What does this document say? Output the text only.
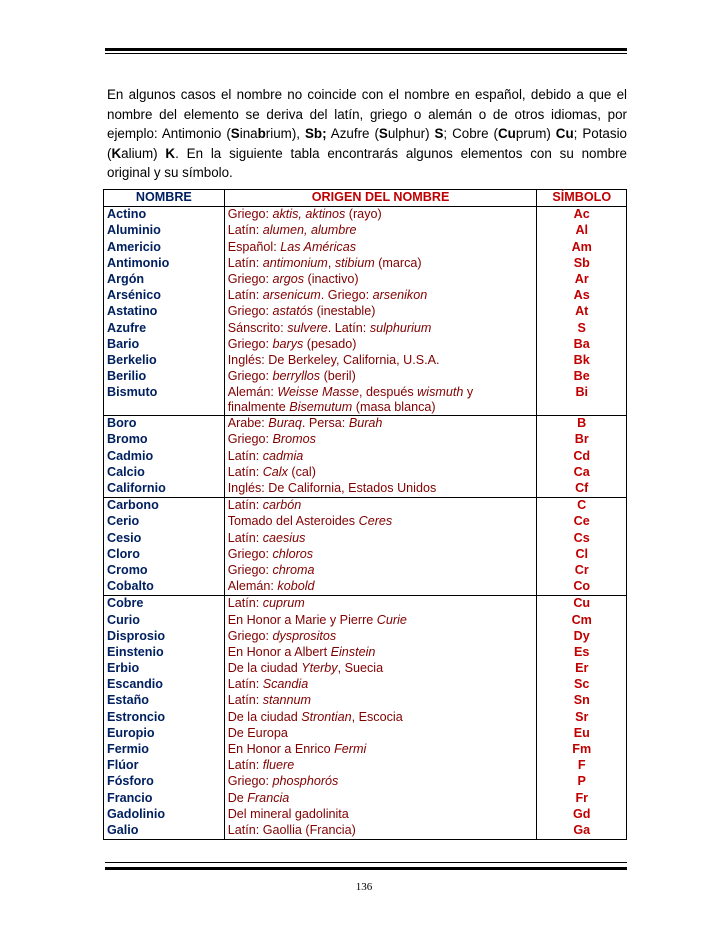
En algunos casos el nombre no coincide con el nombre en español, debido a que el nombre del elemento se deriva del latín, griego o alemán o de otros idiomas, por ejemplo: Antimonio (Sinabrium), Sb; Azufre (Sulphur) S; Cobre (Cuprum) Cu; Potasio (Kalium) K. En la siguiente tabla encontrarás algunos elementos con su nombre original y su símbolo.
NOMBRE	ORIGEN DEL NOMBRE	SÍMBOLO
Actino	Griego: aktis, aktinos (rayo)	Ac
Aluminio	Latín: alumen, alumbre	Al
Americio	Español: Las Américas	Am
Antimonio	Latín: antimonium, stibium (marca)	Sb
Argón	Griego: argos (inactivo)	Ar
Arsénico	Latín: arsenicum. Griego: arsenikon	As
Astatino	Griego: astatós (inestable)	At
Azufre	Sánscrito: sulvere. Latín: sulphurium	S
Bario	Griego: barys (pesado)	Ba
Berkelio	Inglés: De Berkeley, California, U.S.A.	Bk
Berilio	Griego: berryllos (beril)	Be
Bismuto	Alemán: Weisse Masse, después wismuth y
finalmente Bisemutum (masa blanca)	Bi
Boro	Arabe: Buraq. Persa: Burah	B
Bromo	Griego: Bromos	Br
Cadmio	Latín: cadmia	Cd
Calcio	Latín: Calx (cal)	Ca
Californio	Inglés: De California, Estados Unidos	Cf
Carbono	Latín: carbón	C
Cerio	Tomado del Asteroides Ceres	Ce
Cesio	Latín: caesius	Cs
Cloro	Griego: chloros	Cl
Cromo	Griego: chroma	Cr
Cobalto	Alemán: kobold	Co
Cobre	Latín: cuprum	Cu
Curio	En Honor a Marie y Pierre Curie	Cm
Disprosio	Griego: dysprositos	Dy
Einstenio	En Honor a Albert Einstein	Es
Erbio	De la ciudad Yterby, Suecia	Er
Escandio	Latín: Scandia	Sc
Estaño	Latín: stannum	Sn
Estroncio	De la ciudad Strontian, Escocia	Sr
Europio	De Europa	Eu
Fermio	En Honor a Enrico Fermi	Fm
Flúor	Latín: fluere	F
Fósforo	Griego: phosphorós	P
Francio	De Francia	Fr
Gadolinio	Del mineral gadolinita	Gd
Galio	Latín: Gaollia (Francia)	Ga
136
